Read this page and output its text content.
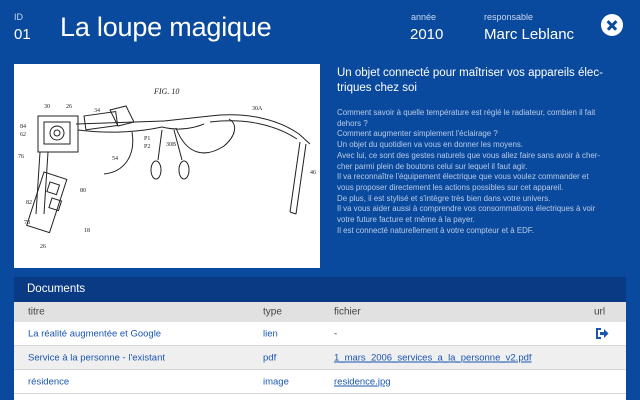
ID
01 La loupe magique	année
2010
responsable
Marc Leblanc
FIG. 10
30	26
84
62
34	30A
30B
P1
P2
54
76
46
82
78
80
26
18
Un objet connecté pour maîtriser vos appareils élec-triques chez soi
Comment savoir à quelle température est réglé le radiateur, combien il fait
dehors ?
Comment augmenter simplement l'éclairage ?
Un objet du quotidien va vous en donner les moyens.
Avec lui, ce sont des gestes naturels que vous allez faire sans avoir à cher-
cher parmi plein de boutons celui sur lequel il faut agir.
Il va reconnaître l'équipement électrique que vous voulez commander et
vous proposer directement les actions possibles sur cet appareil.
De plus, il est stylisé et s'intègre très bien dans votre univers.
Il va vous aider aussi à comprendre vos consommations électriques à voir
votre future facture et même à la payer.
Il est connecté naturellement à votre compteur et à EDF.
Documents
titre	type	fichier	url
La réalité augmentée et Google	lien	-
Service à la personne - l'existant	pdf	1_mars_2006_services_a_la_personne_v2.pdf
résidence	image	residence.jpg
